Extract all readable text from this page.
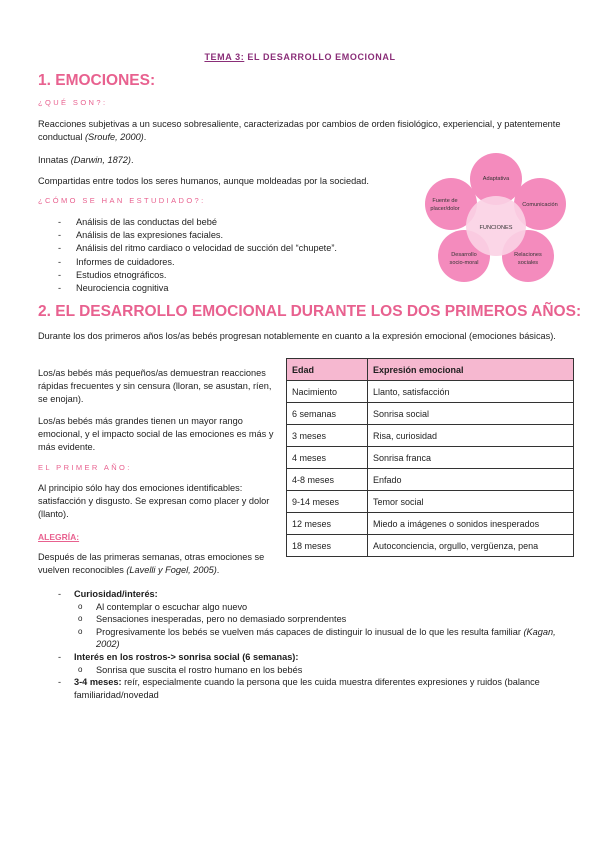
TEMA 3: EL DESARROLLO EMOCIONAL
1. EMOCIONES:
¿QUÉ SON?:
Reacciones subjetivas a un suceso sobresaliente, caracterizadas por cambios de orden fisiológico, experiencial, y patentemente conductual (Sroufe, 2000).
Innatas (Darwin, 1872).
Compartidas entre todos los seres humanos, aunque moldeadas por la sociedad.
¿CÓMO SE HAN ESTUDIADO?:
- Análisis de las conductas del bebé
- Análisis de las expresiones faciales.
- Análisis del ritmo cardiaco o velocidad de succión del “chupete”.
- Informes de cuidadores.
- Estudios etnográficos.
- Neurociencia cognitiva
Adaptativa
Comunicación
Relaciones
sociales
Desarrollo
socio-moral
Fuente de
placer/dolor
FUNCIONES
2. EL DESARROLLO EMOCIONAL DURANTE LOS DOS PRIMEROS AÑOS:
Durante los dos primeros años los/as bebés progresan notablemente en cuanto a la expresión emocional (emociones básicas).
Los/as bebés más pequeños/as demuestran reacciones rápidas frecuentes y sin censura (lloran, se asustan, ríen, se enojan).
Los/as bebés más grandes tienen un mayor rango emocional, y el impacto social de las emociones es más y más evidente.
EL PRIMER AÑO:
Al principio sólo hay dos emociones identificables: satisfacción y disgusto. Se expresan como placer y dolor (llanto).
ALEGRÍA:
Después de las primeras semanas, otras emociones se vuelven reconocibles (Lavelli y Fogel, 2005).
Edad	Expresión emocional
Nacimiento	Llanto, satisfacción
6 semanas	Sonrisa social
3 meses	Risa, curiosidad
4 meses	Sonrisa franca
4-8 meses	Enfado
9-14 meses	Temor social
12 meses	Miedo a imágenes o sonidos inesperados
18 meses	Autoconciencia, orgullo, vergüenza, pena
- Curiosidad/interés:
o Al contemplar o escuchar algo nuevo
o Sensaciones inesperadas, pero no demasiado sorprendentes
o Progresivamente los bebés se vuelven más capaces de distinguir lo inusual de lo que les resulta familiar (Kagan, 2002)
- Interés en los rostros-> sonrisa social (6 semanas):
o Sonrisa que suscita el rostro humano en los bebés
- 3-4 meses: reír, especialmente cuando la persona que les cuida muestra diferentes expresiones y ruidos (balance familiaridad/novedad
